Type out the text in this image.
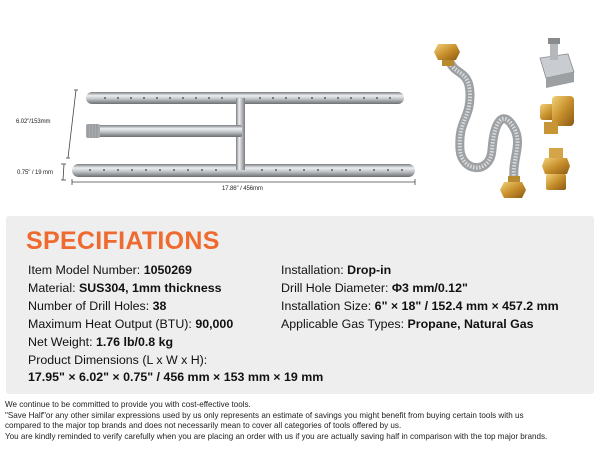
6.02"/153mm
0.75" / 19 mm
17.86" / 456mm
SPECIFIATIONS
Item Model Number: 1050269
Material: SUS304, 1mm thickness
Number of Drill Holes: 38
Maximum Heat Output (BTU): 90,000
Net Weight: 1.76 lb/0.8 kg
Product Dimensions (L x W x H):
17.95" × 6.02" × 0.75" / 456 mm × 153 mm × 19 mm
Installation: Drop-in
Drill Hole Diameter: Φ3 mm/0.12"
Installation Size: 6" × 18" / 152.4 mm × 457.2 mm
Applicable Gas Types: Propane, Natural Gas
We continue to be committed to provide you with cost-effective tools.
"Save Half"or any other similar expressions used by us only represents an estimate of savings you might benefit from buying certain tools with us
compared to the major top brands and does not necessarily mean to cover all categories of tools offered by us.
You are kindly reminded to verify carefully when you are placing an order with us if you are actually saving half in comparison with the top major brands.
